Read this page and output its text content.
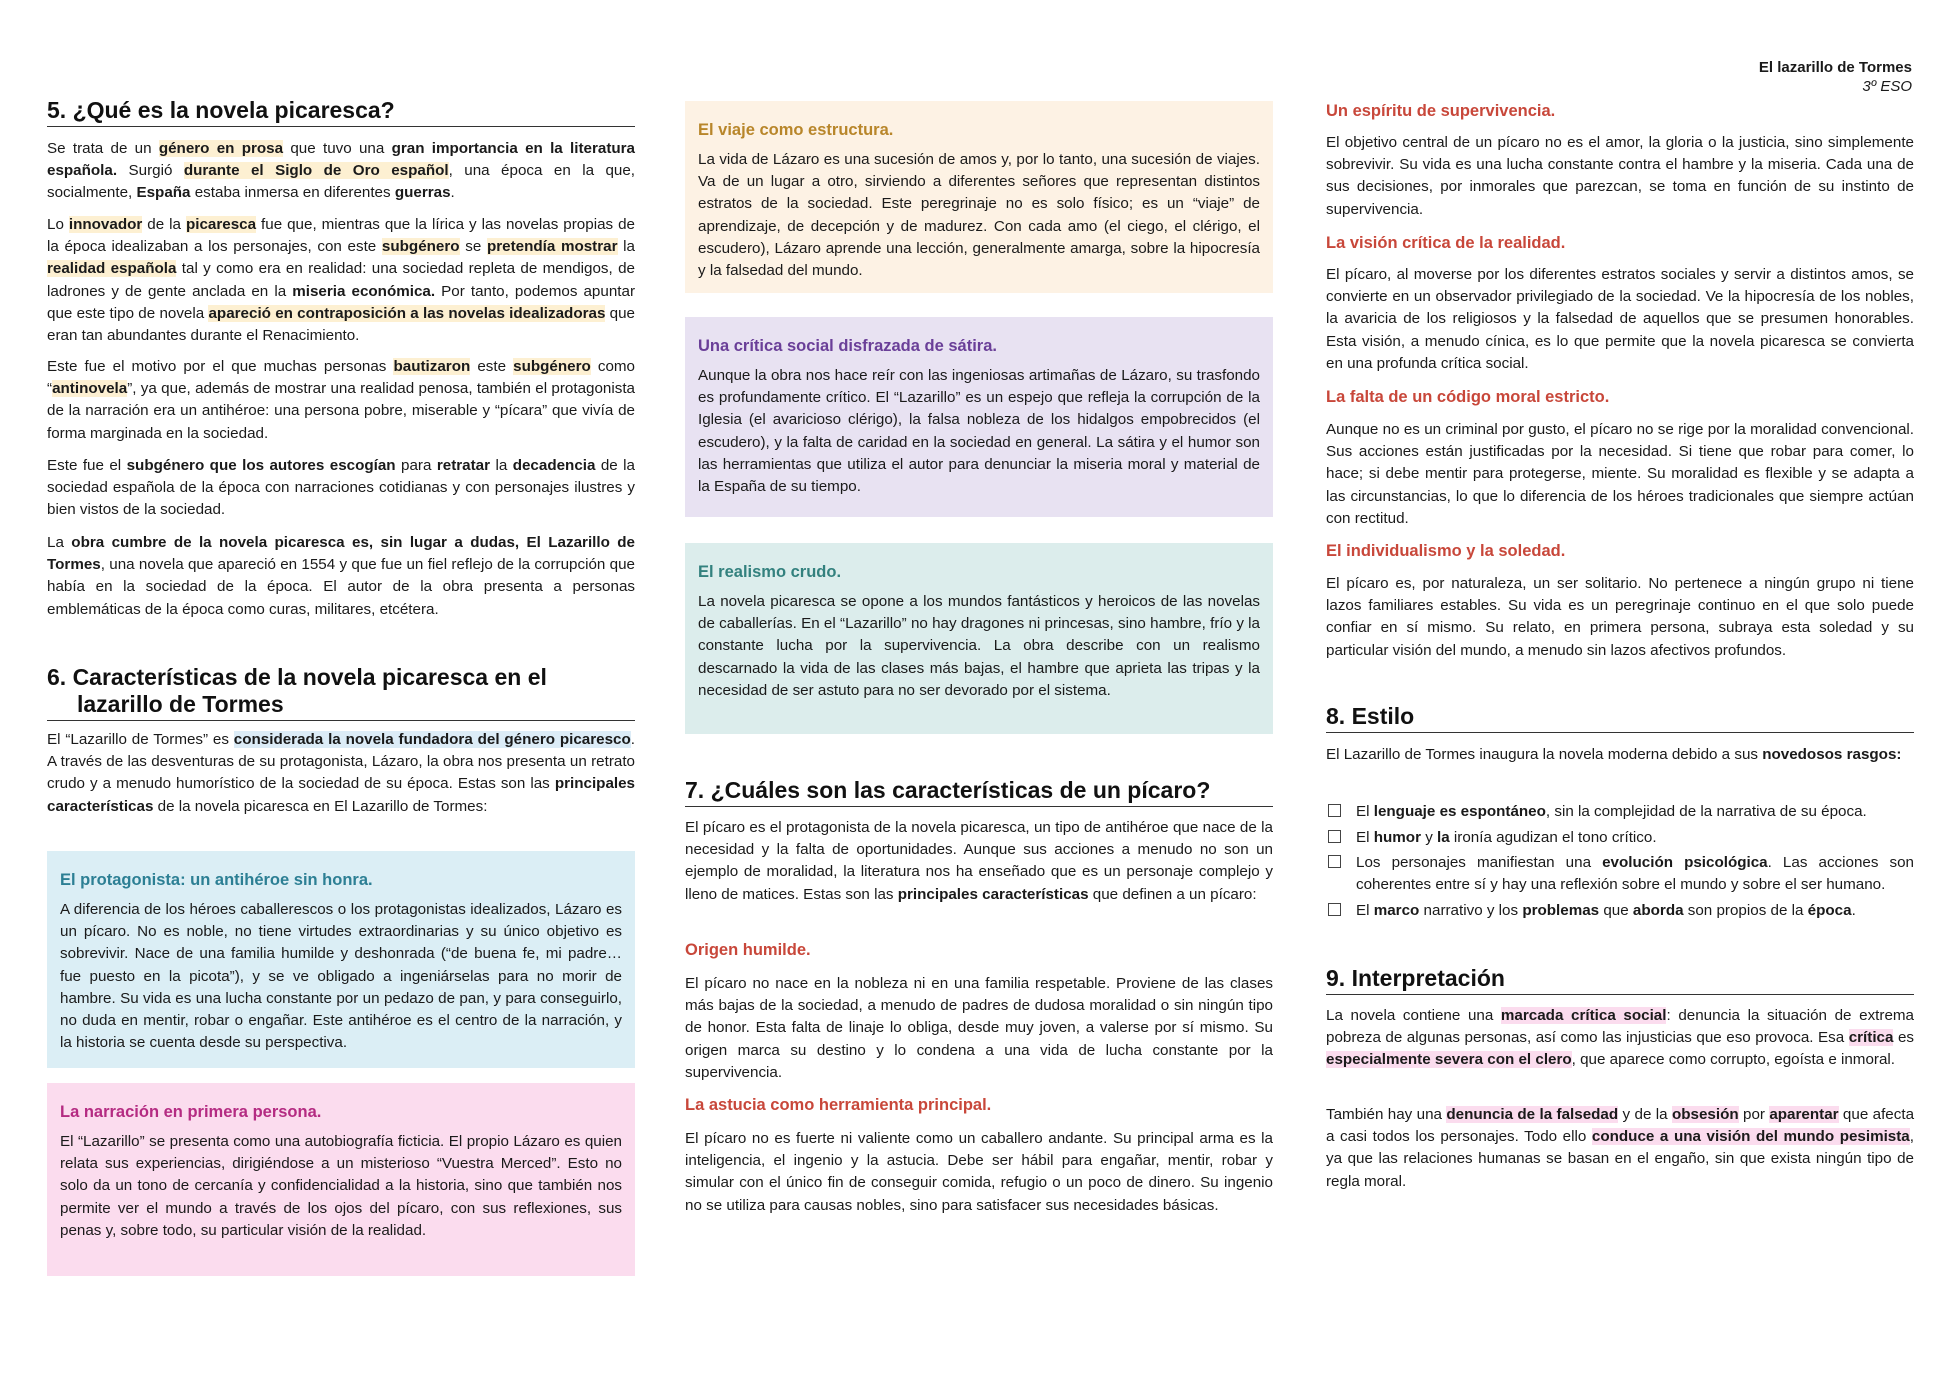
El lazarillo de Tormes
3º ESO
5. ¿Qué es la novela picaresca?

Se trata de un género en prosa que tuvo una gran importancia en la literatura española. Surgió durante el Siglo de Oro español, una época en la que, socialmente, España estaba inmersa en diferentes guerras.

Lo innovador de la picaresca fue que, mientras que la lírica y las novelas propias de la época idealizaban a los personajes, con este subgénero se pretendía mostrar la realidad española tal y como era en realidad: una sociedad repleta de mendigos, de ladrones y de gente anclada en la miseria económica. Por tanto, podemos apuntar que este tipo de novela apareció en contraposición a las novelas idealizadoras que eran tan abundantes durante el Renacimiento.

Este fue el motivo por el que muchas personas bautizaron este subgénero como “antinovela”, ya que, además de mostrar una realidad penosa, también el protagonista de la narración era un antihéroe: una persona pobre, miserable y “pícara” que vivía de forma marginada en la sociedad.

Este fue el subgénero que los autores escogían para retratar la decadencia de la sociedad española de la época con narraciones cotidianas y con personajes ilustres y bien vistos de la sociedad.

La obra cumbre de la novela picaresca es, sin lugar a dudas, El Lazarillo de Tormes, una novela que apareció en 1554 y que fue un fiel reflejo de la corrupción que había en la sociedad de la época. El autor de la obra presenta a personas emblemáticas de la época como curas, militares, etcétera.

6. Características de la novela picaresca en el
lazarillo de Tormes

El “Lazarillo de Tormes” es considerada la novela fundadora del género picaresco. A través de las desventuras de su protagonista, Lázaro, la obra nos presenta un retrato crudo y a menudo humorístico de la sociedad de su época. Estas son las principales características de la novela picaresca en El Lazarillo de Tormes:

El protagonista: un antihéroe sin honra.

A diferencia de los héroes caballerescos o los protagonistas idealizados, Lázaro es un pícaro. No es noble, no tiene virtudes extraordinarias y su único objetivo es sobrevivir. Nace de una familia humilde y deshonrada (“de buena fe, mi padre… fue puesto en la picota”), y se ve obligado a ingeniárselas para no morir de hambre. Su vida es una lucha constante por un pedazo de pan, y para conseguirlo, no duda en mentir, robar o engañar. Este antihéroe es el centro de la narración, y la historia se cuenta desde su perspectiva.

La narración en primera persona.

El “Lazarillo” se presenta como una autobiografía ficticia. El propio Lázaro es quien relata sus experiencias, dirigiéndose a un misterioso “Vuestra Merced”. Esto no solo da un tono de cercanía y confidencialidad a la historia, sino que también nos permite ver el mundo a través de los ojos del pícaro, con sus reflexiones, sus penas y, sobre todo, su particular visión de la realidad.

El viaje como estructura.

La vida de Lázaro es una sucesión de amos y, por lo tanto, una sucesión de viajes. Va de un lugar a otro, sirviendo a diferentes señores que representan distintos estratos de la sociedad. Este peregrinaje no es solo físico; es un “viaje” de aprendizaje, de decepción y de madurez. Con cada amo (el ciego, el clérigo, el escudero), Lázaro aprende una lección, generalmente amarga, sobre la hipocresía y la falsedad del mundo.

Una crítica social disfrazada de sátira.

Aunque la obra nos hace reír con las ingeniosas artimañas de Lázaro, su trasfondo es profundamente crítico. El “Lazarillo” es un espejo que refleja la corrupción de la Iglesia (el avaricioso clérigo), la falsa nobleza de los hidalgos empobrecidos (el escudero), y la falta de caridad en la sociedad en general. La sátira y el humor son las herramientas que utiliza el autor para denunciar la miseria moral y material de la España de su tiempo.

El realismo crudo.

La novela picaresca se opone a los mundos fantásticos y heroicos de las novelas de caballerías. En el “Lazarillo” no hay dragones ni princesas, sino hambre, frío y la constante lucha por la supervivencia. La obra describe con un realismo descarnado la vida de las clases más bajas, el hambre que aprieta las tripas y la necesidad de ser astuto para no ser devorado por el sistema.

7. ¿Cuáles son las características de un pícaro?

El pícaro es el protagonista de la novela picaresca, un tipo de antihéroe que nace de la necesidad y la falta de oportunidades. Aunque sus acciones a menudo no son un ejemplo de moralidad, la literatura nos ha enseñado que es un personaje complejo y lleno de matices. Estas son las principales características que definen a un pícaro:

Origen humilde.

El pícaro no nace en la nobleza ni en una familia respetable. Proviene de las clases más bajas de la sociedad, a menudo de padres de dudosa moralidad o sin ningún tipo de honor. Esta falta de linaje lo obliga, desde muy joven, a valerse por sí mismo. Su origen marca su destino y lo condena a una vida de lucha constante por la supervivencia.

La astucia como herramienta principal.

El pícaro no es fuerte ni valiente como un caballero andante. Su principal arma es la inteligencia, el ingenio y la astucia. Debe ser hábil para engañar, mentir, robar y simular con el único fin de conseguir comida, refugio o un poco de dinero. Su ingenio no se utiliza para causas nobles, sino para satisfacer sus necesidades básicas.

Un espíritu de supervivencia.

El objetivo central de un pícaro no es el amor, la gloria o la justicia, sino simplemente sobrevivir. Su vida es una lucha constante contra el hambre y la miseria. Cada una de sus decisiones, por inmorales que parezcan, se toma en función de su instinto de supervivencia.

La visión crítica de la realidad.

El pícaro, al moverse por los diferentes estratos sociales y servir a distintos amos, se convierte en un observador privilegiado de la sociedad. Ve la hipocresía de los nobles, la avaricia de los religiosos y la falsedad de aquellos que se presumen honorables. Esta visión, a menudo cínica, es lo que permite que la novela picaresca se convierta en una profunda crítica social.

La falta de un código moral estricto.

Aunque no es un criminal por gusto, el pícaro no se rige por la moralidad convencional. Sus acciones están justificadas por la necesidad. Si tiene que robar para comer, lo hace; si debe mentir para protegerse, miente. Su moralidad es flexible y se adapta a las circunstancias, lo que lo diferencia de los héroes tradicionales que siempre actúan con rectitud.

El individualismo y la soledad.

El pícaro es, por naturaleza, un ser solitario. No pertenece a ningún grupo ni tiene lazos familiares estables. Su vida es un peregrinaje continuo en el que solo puede confiar en sí mismo. Su relato, en primera persona, subraya esta soledad y su particular visión del mundo, a menudo sin lazos afectivos profundos.

8. Estilo

El Lazarillo de Tormes inaugura la novela moderna debido a sus novedosos rasgos:

El lenguaje es espontáneo, sin la complejidad de la narrativa de su época.

El humor y la ironía agudizan el tono crítico.

Los personajes manifiestan una evolución psicológica. Las acciones son coherentes entre sí y hay una reflexión sobre el mundo y sobre el ser humano.

El marco narrativo y los problemas que aborda son propios de la época.

9. Interpretación

La novela contiene una marcada crítica social: denuncia la situación de extrema pobreza de algunas personas, así como las injusticias que eso provoca. Esa crítica es especialmente severa con el clero, que aparece como corrupto, egoísta e inmoral.

También hay una denuncia de la falsedad y de la obsesión por aparentar que afecta a casi todos los personajes. Todo ello conduce a una visión del mundo pesimista, ya que las relaciones humanas se basan en el engaño, sin que exista ningún tipo de regla moral.
